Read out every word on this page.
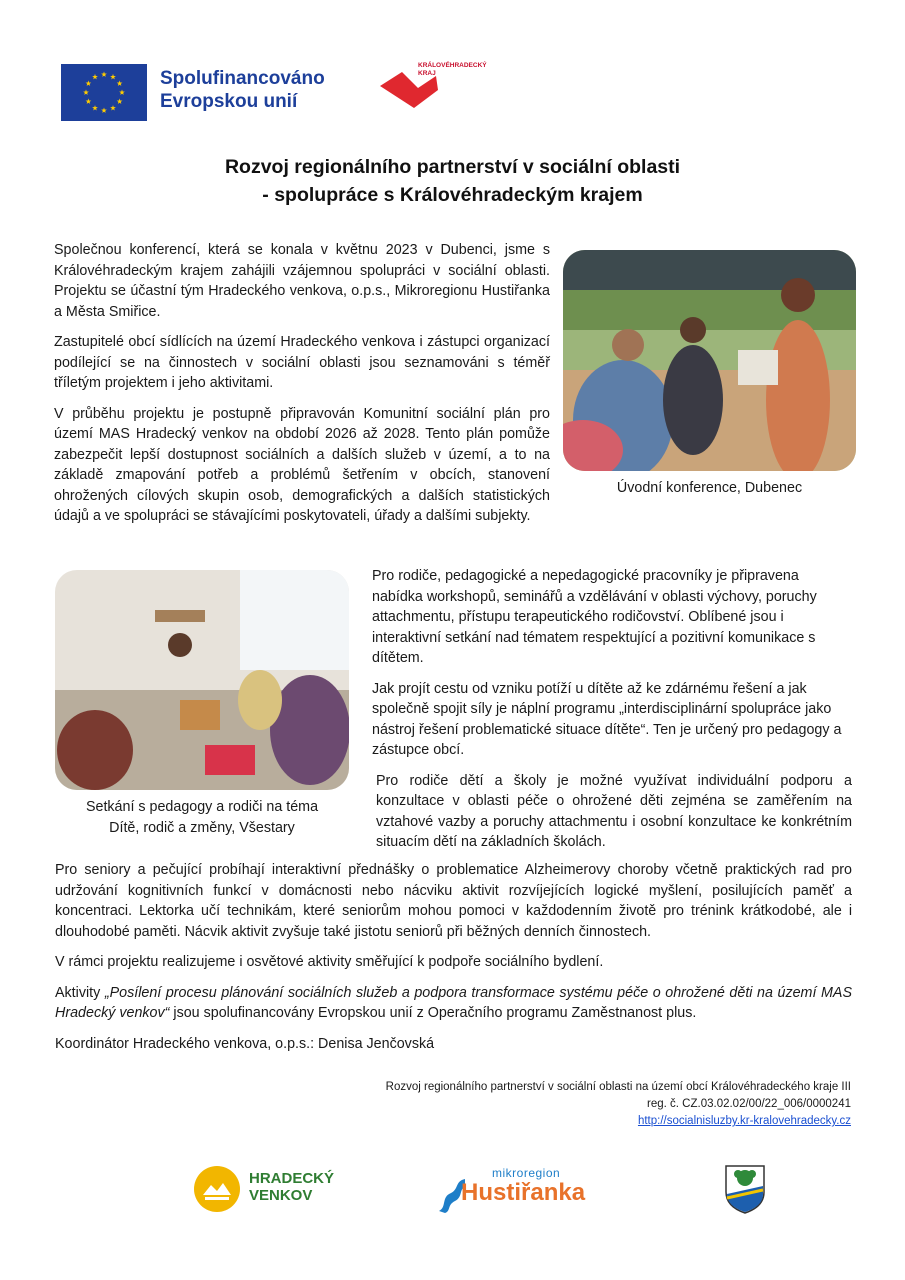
Spolufinancováno
Evropskou unií
KRÁLOVÉHRADECKÝ
KRAJ
Rozvoj regionálního partnerství v sociální oblasti
- spolupráce s Královéhradeckým krajem

Společnou konferencí, která se konala v květnu 2023 v Dubenci, jsme s Královéhradeckým krajem zahájili vzájemnou spolupráci v sociální oblasti. Projektu se účastní tým Hradeckého venkova, o.p.s., Mikroregionu Hustiřanka a Města Smiřice.

Zastupitelé obcí sídlících na území Hradeckého venkova i zástupci organizací podílející se na činnostech v sociální oblasti jsou seznamováni s téměř tříletým projektem i jeho aktivitami.

V průběhu projektu je postupně připravován Komunitní sociální plán pro území MAS Hradecký venkov na období 2026 až 2028. Tento plán pomůže zabezpečit lepší dostupnost sociálních a dalších služeb v území, a to na základě zmapování potřeb a problémů šetřením v obcích, stanovení ohrožených cílových skupin osob, demografických a dalších statistických údajů a ve spolupráci se stávajícími poskytovateli, úřady a dalšími subjekty.

Úvodní konference, Dubenec
Setkání s pedagogy a rodiči na téma
Dítě, rodič a změny, Všestary

Pro rodiče, pedagogické a nepedagogické pracovníky je připravena nabídka workshopů, seminářů a vzdělávání v oblasti výchovy, poruchy attachmentu, přístupu terapeutického rodičovství. Oblíbené jsou i interaktivní setkání nad tématem respektující a pozitivní komunikace s dítětem.

Jak projít cestu od vzniku potíží u dítěte až ke zdárnému řešení a jak společně spojit síly je náplní programu „interdisciplinární spolupráce jako nástroj řešení problematické situace dítěte“. Ten je určený pro pedagogy a zástupce obcí.

Pro rodiče dětí a školy je možné využívat individuální podporu a konzultace v oblasti péče o ohrožené děti zejména se zaměřením na vztahové vazby a poruchy attachmentu i osobní konzultace ke konkrétním situacím dětí na základních školách.

Pro seniory a pečující probíhají interaktivní přednášky o problematice Alzheimerovy choroby včetně praktických rad pro udržování kognitivních funkcí v domácnosti nebo nácviku aktivit rozvíjejících logické myšlení, posilujících paměť a koncentraci. Lektorka učí technikám, které seniorům mohou pomoci v každodenním životě pro trénink krátkodobé, ale i dlouhodobé paměti. Nácvik aktivit zvyšuje také jistotu seniorů při běžných denních činnostech.

V rámci projektu realizujeme i osvětové aktivity směřující k podpoře sociálního bydlení.

Aktivity „Posílení procesu plánování sociálních služeb a podpora transformace systému péče o ohrožené děti na území MAS Hradecký venkov“ jsou spolufinancovány Evropskou unií z Operačního programu Zaměstnanost plus.

Koordinátor Hradeckého venkova, o.p.s.: Denisa Jenčovská

Rozvoj regionálního partnerství v sociální oblasti na území obcí Královéhradeckého kraje III
reg. č. CZ.03.02.02/00/22_006/0000241
http://socialnisluzby.kr-kralovehradecky.cz
HRADECKÝ
VENKOV
mikroregion
Hustiřanka
